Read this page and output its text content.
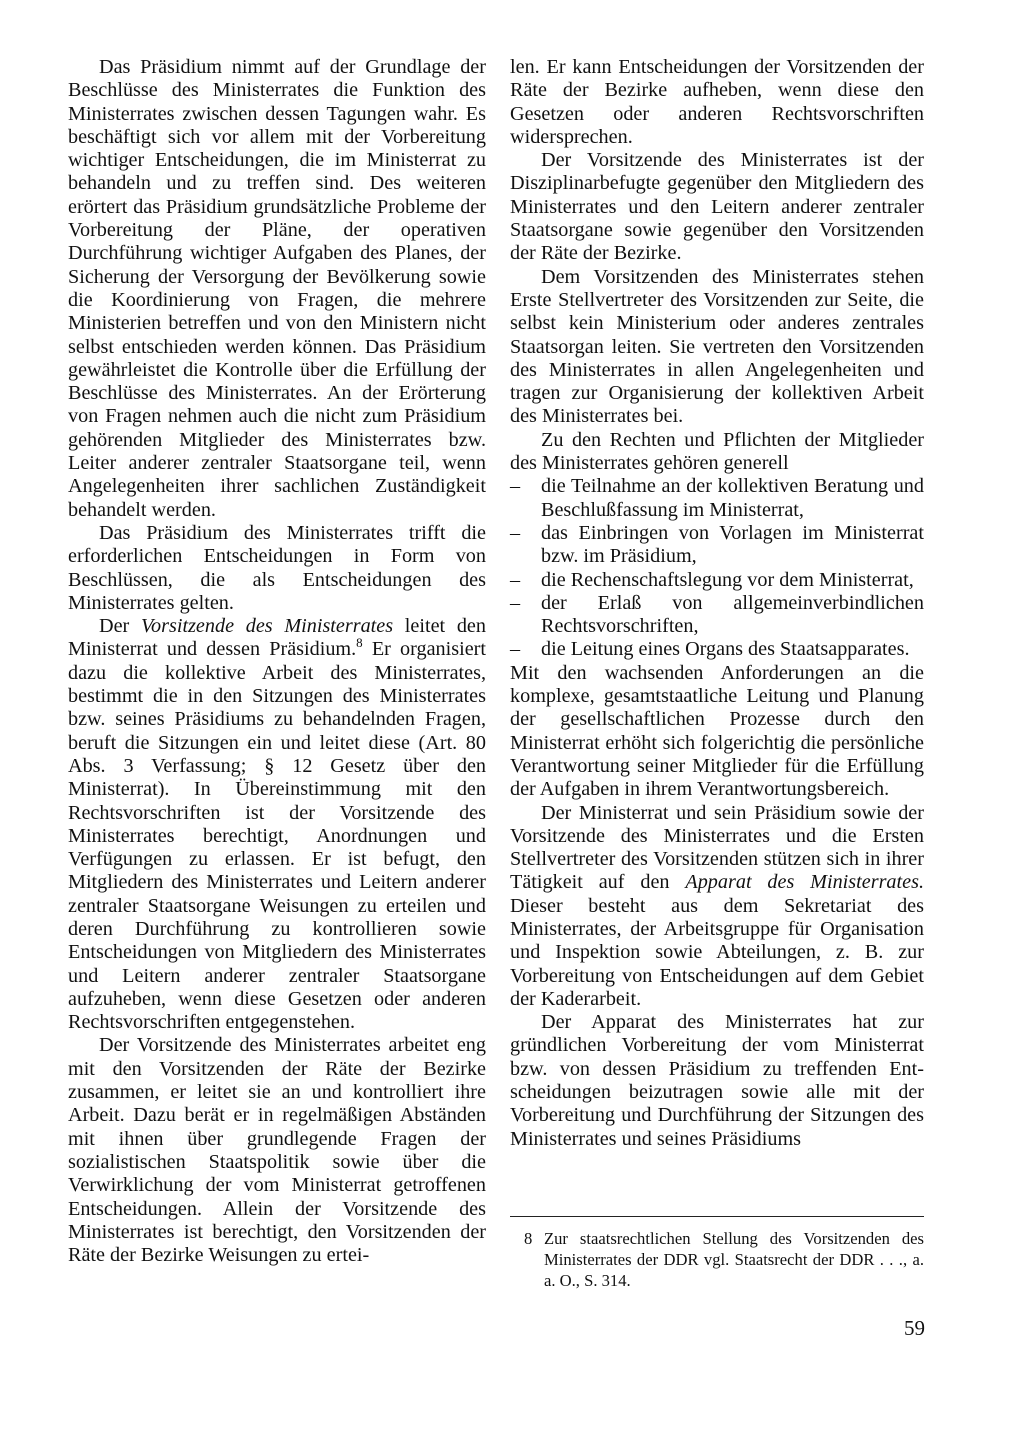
Das Präsidium nimmt auf der Grundlage der Beschlüsse des Ministerrates die Funktion des Ministerrates zwischen dessen Tagungen wahr. Es beschäftigt sich vor allem mit der Vorbereitung wichtiger Entscheidungen, die im Ministerrat zu behandeln und zu treffen sind. Des weiteren erörtert das Präsidium grundsätzliche Probleme der Vorbereitung der Pläne, der operativen Durchführung wichtiger Aufgaben des Planes, der Sicherung der Versorgung der Bevölkerung sowie die Koordinierung von Fragen, die mehrere Ministerien betreffen und von den Ministern nicht selbst entschieden werden können. Das Präsidium gewährleistet die Kontrolle über die Erfüllung der Beschlüsse des Ministerrates. An der Erörterung von Fragen nehmen auch die nicht zum Präsidium gehörenden Mitglieder des Ministerrates bzw. Leiter anderer zentraler Staatsorgane teil, wenn Angelegenheiten ihrer sachlichen Zuständigkeit behandelt werden.

Das Präsidium des Ministerrates trifft die erforderlichen Entscheidungen in Form von Beschlüssen, die als Entscheidungen des Ministerrates gelten.

Der Vorsitzende des Ministerrates leitet den Ministerrat und dessen Präsidium.$^8$ Er organisiert dazu die kollektive Arbeit des Ministerrates, bestimmt die in den Sitzungen des Ministerrates bzw. seines Präsidiums zu behandelnden Fragen, beruft die Sitzungen ein und leitet diese (Art. 80 Abs. 3 Verfassung; § 12 Gesetz über den Ministerrat). In Übereinstimmung mit den Rechtsvorschriften ist der Vorsitzende des Ministerrates berechtigt, Anordnungen und Verfügungen zu erlassen. Er ist befugt, den Mitgliedern des Ministerrates und Leitern anderer zentraler Staatsorgane Weisungen zu erteilen und deren Durchführung zu kontrollieren sowie Entscheidungen von Mitgliedern des Ministerrates und Leitern anderer zentraler Staatsorgane aufzuheben, wenn diese Gesetzen oder anderen Rechtsvorschriften entgegenstehen.

Der Vorsitzende des Ministerrates arbeitet eng mit den Vorsitzenden der Räte der Bezirke zusammen, er leitet sie an und kontrolliert ihre Arbeit. Dazu berät er in regelmäßigen Abständen mit ihnen über grundlegende Fragen der sozialistischen Staatspolitik sowie über die Verwirklichung der vom Ministerrat getroffenen Entscheidungen. Allein der Vorsitzende des Ministerrates ist berechtigt, den Vorsitzenden der Räte der Bezirke Weisungen zu ertei-

len. Er kann Entscheidungen der Vorsitzenden der Räte der Bezirke aufheben, wenn diese den Gesetzen oder anderen Rechtsvorschriften widersprechen.

Der Vorsitzende des Ministerrates ist der Disziplinarbefugte gegenüber den Mitgliedern des Ministerrates und den Leitern anderer zentraler Staatsorgane sowie gegenüber den Vorsitzenden der Räte der Bezirke.

Dem Vorsitzenden des Ministerrates stehen Erste Stellvertreter des Vorsitzenden zur Seite, die selbst kein Ministerium oder anderes zentrales Staatsorgan leiten. Sie vertreten den Vorsitzenden des Ministerrates in allen Angelegenheiten und tragen zur Organisierung der kollektiven Arbeit des Ministerrates bei.

Zu den Rechten und Pflichten der Mitglieder des Ministerrates gehören generell

– die Teilnahme an der kollektiven Beratung und Beschlußfassung im Ministerrat,
– das Einbringen von Vorlagen im Ministerrat bzw. im Präsidium,
– die Rechenschaftslegung vor dem Ministerrat,
– der Erlaß von allgemeinverbindlichen Rechtsvorschriften,
– die Leitung eines Organs des Staatsapparates.

Mit den wachsenden Anforderungen an die komplexe, gesamtstaatliche Leitung und Planung der gesellschaftlichen Prozesse durch den Ministerrat erhöht sich folgerichtig die persönliche Verantwortung seiner Mitglieder für die Erfüllung der Aufgaben in ihrem Verantwortungsbereich.

Der Ministerrat und sein Präsidium sowie der Vorsitzende des Ministerrates und die Ersten Stellvertreter des Vorsitzenden stützen sich in ihrer Tätigkeit auf den Apparat des Ministerrates. Dieser besteht aus dem Sekretariat des Ministerrates, der Arbeitsgruppe für Organisation und Inspektion sowie Abteilungen, z. B. zur Vorbereitung von Entscheidungen auf dem Gebiet der Kaderarbeit.

Der Apparat des Ministerrates hat zur gründlichen Vorbereitung der vom Ministerrat bzw. von dessen Präsidium zu treffenden Entscheidungen beizutragen sowie alle mit der Vorbereitung und Durchführung der Sitzungen des Ministerrates und seines Präsidiums

8 Zur staatsrechtlichen Stellung des Vorsitzenden des Ministerrates der DDR vgl. Staatsrecht der DDR . . ., a. a. O., S. 314.
59
